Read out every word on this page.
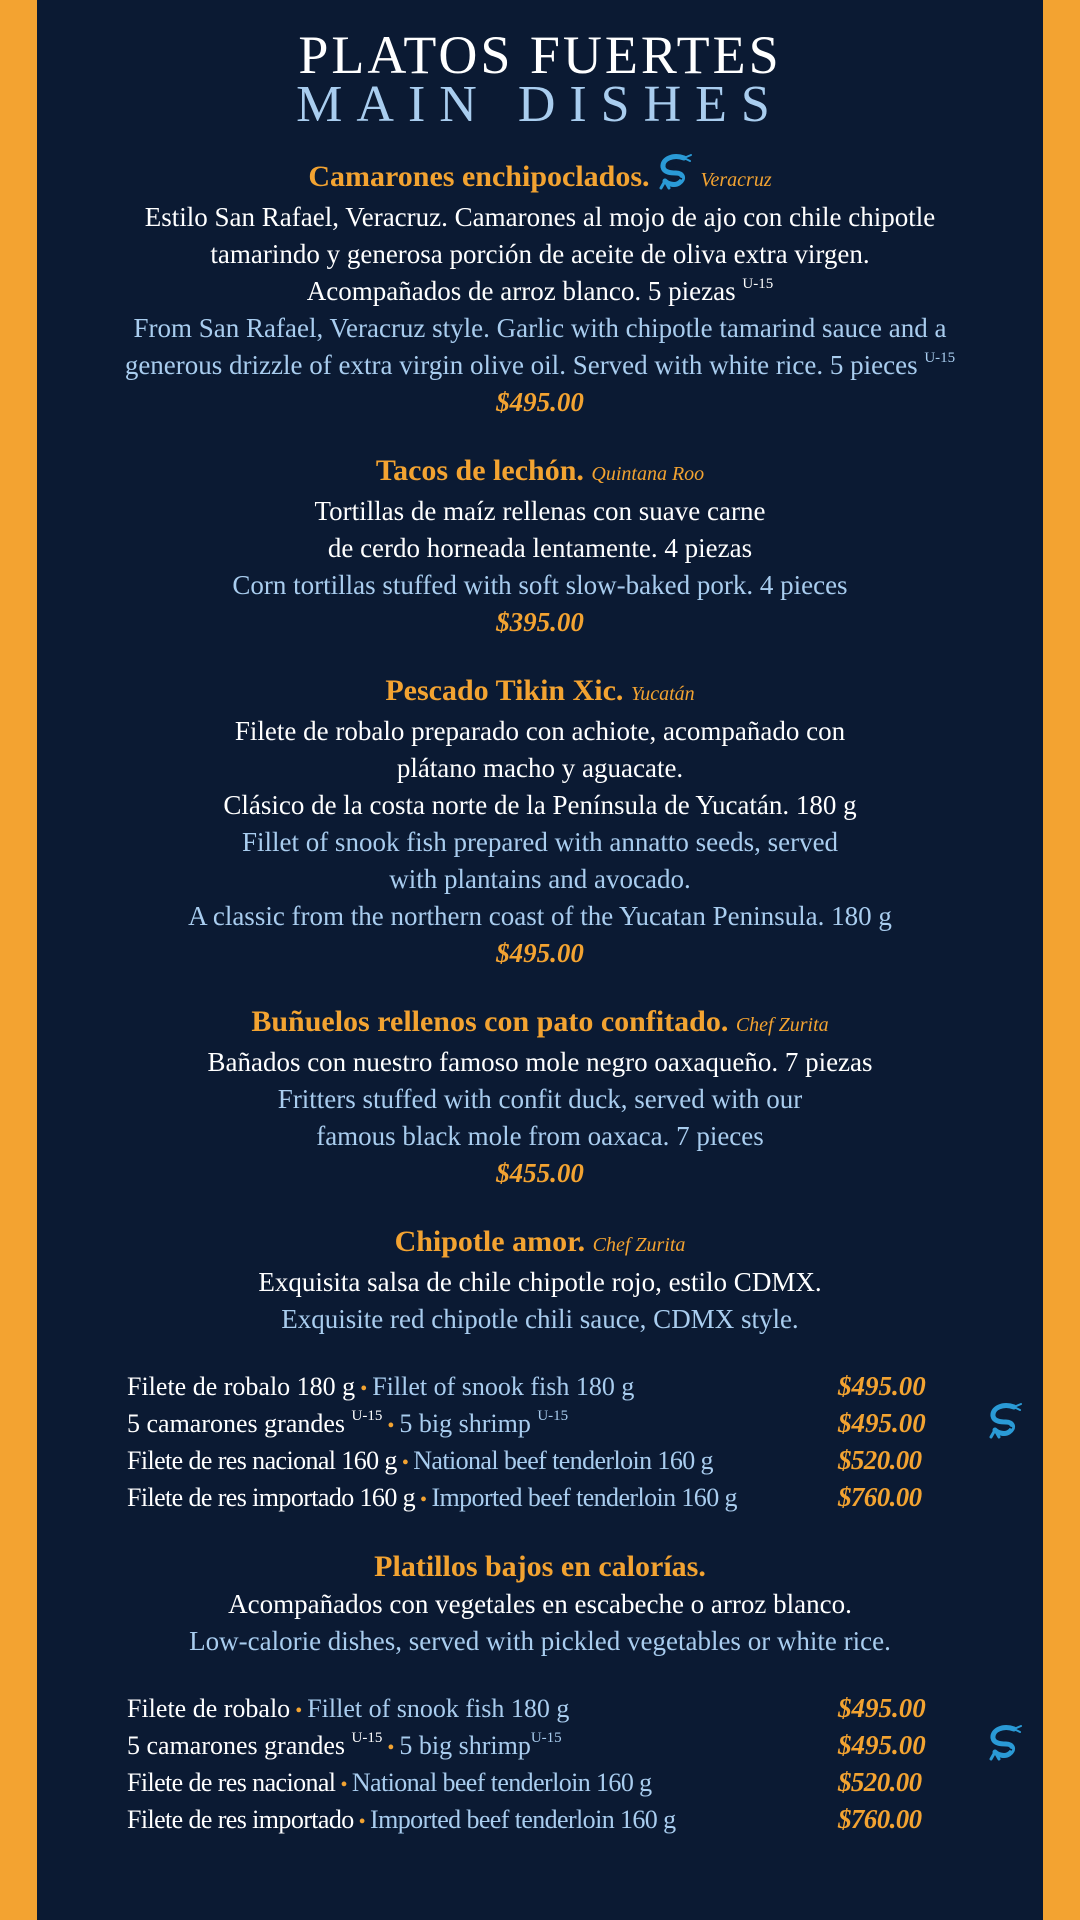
PLATOS FUERTES
MAIN DISHES
Camarones enchipoclados.	Veracruz
Estilo San Rafael, Veracruz. Camarones al mojo de ajo con chile chipotle
tamarindo y generosa porción de aceite de oliva extra virgen.
Acompañados de arroz blanco. 5 piezas $^{U-15}$
From San Rafael, Veracruz style. Garlic with chipotle tamarind sauce and a
generous drizzle of extra virgin olive oil. Served with white rice. 5 pieces $^{U-15}$
$495.00
Tacos de lechón. Quintana Roo
Tortillas de maíz rellenas con suave carne
de cerdo horneada lentamente. 4 piezas
Corn tortillas stuffed with soft slow-baked pork. 4 pieces
$395.00
Pescado Tikin Xic. Yucatán
Filete de robalo preparado con achiote, acompañado con
plátano macho y aguacate.
Clásico de la costa norte de la Península de Yucatán. 180 g
Fillet of snook fish prepared with annatto seeds, served
with plantains and avocado.
A classic from the northern coast of the Yucatan Peninsula. 180 g
$495.00
Buñuelos rellenos con pato confitado. Chef Zurita
Bañados con nuestro famoso mole negro oaxaqueño. 7 piezas
Fritters stuffed with confit duck, served with our
famous black mole from oaxaca. 7 pieces
$455.00
Chipotle amor. Chef Zurita
Exquisita salsa de chile chipotle rojo, estilo CDMX.
Exquisite red chipotle chili sauce, CDMX style.
Filete de robalo 180 g • Fillet of snook fish 180 g	$495.00
5 camarones grandes $^{U-15}$ • 5 big shrimp $^{U-15}$	$495.00
Filete de res nacional 160 g • National beef tenderloin 160 g	$520.00
Filete de res importado 160 g • Imported beef tenderloin 160 g	$760.00
Platillos bajos en calorías.
Acompañados con vegetales en escabeche o arroz blanco.
Low-calorie dishes, served with pickled vegetables or white rice.
Filete de robalo • Fillet of snook fish 180 g	$495.00
5 camarones grandes $^{U-15}$ • 5 big shrimp$^{U-15}$	$495.00
Filete de res nacional • National beef tenderloin 160 g	$520.00
Filete de res importado • Imported beef tenderloin 160 g	$760.00
